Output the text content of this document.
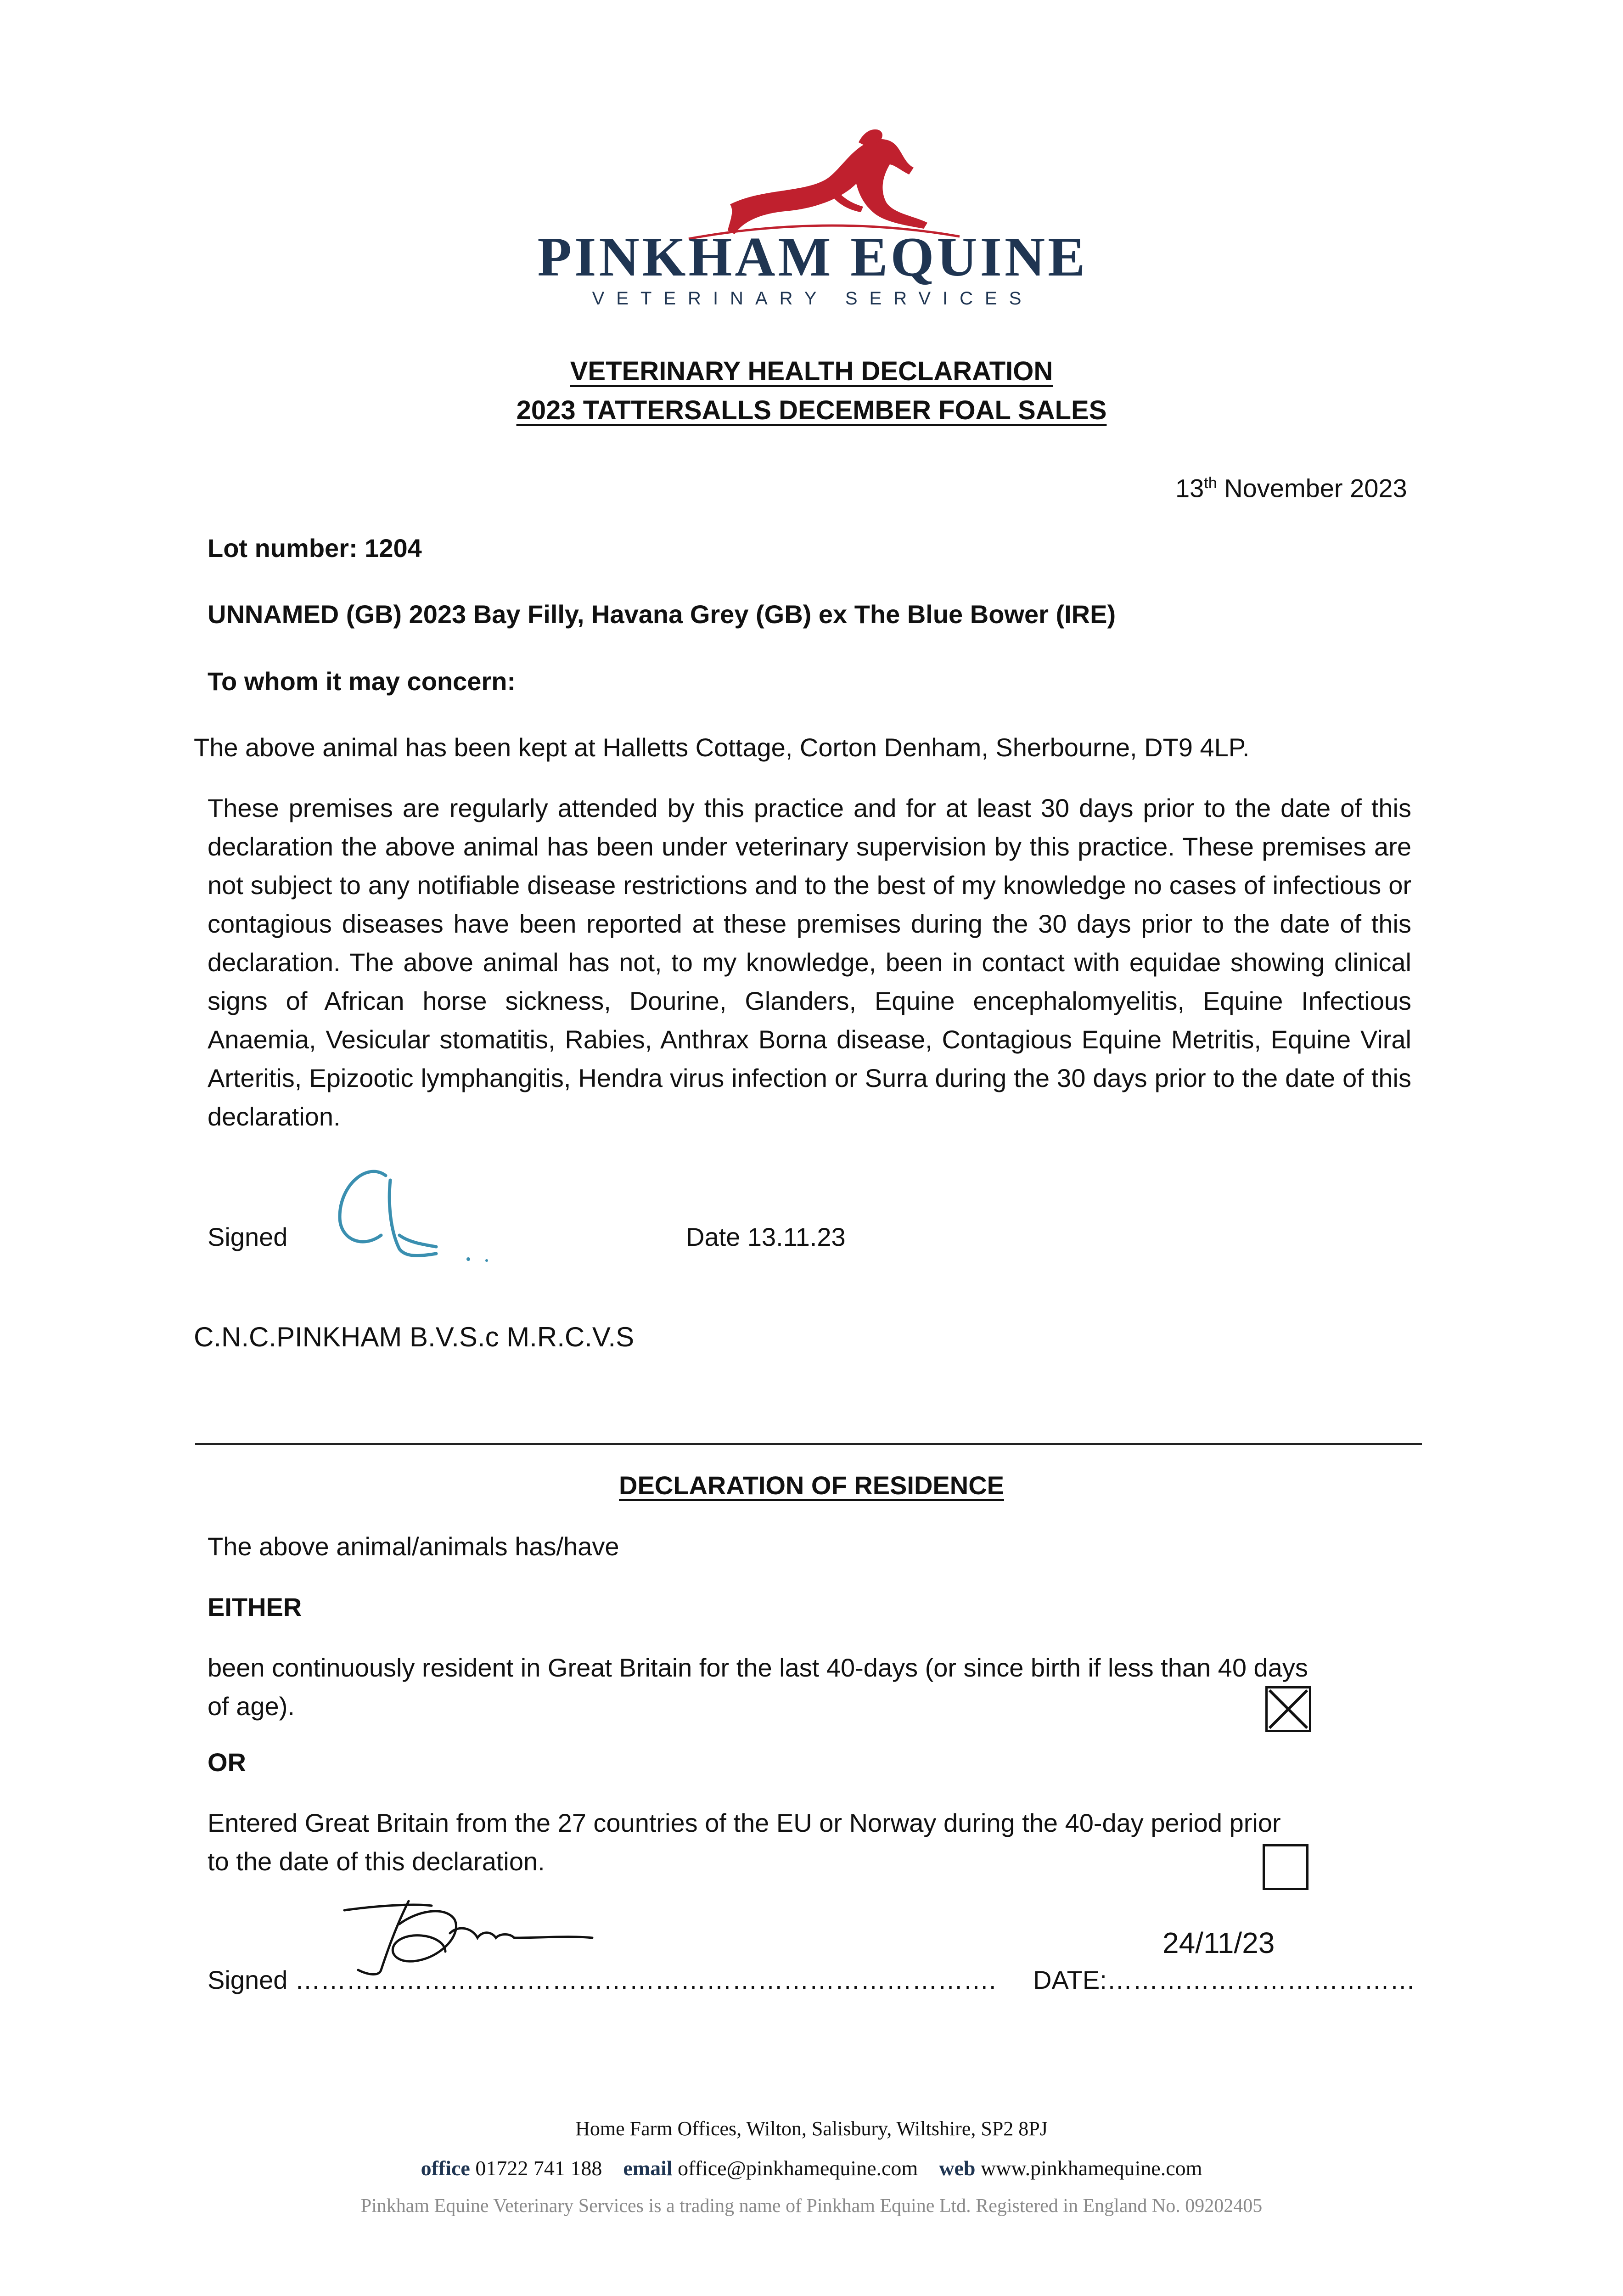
PINKHAM EQUINE
VETERINARY SERVICES
VETERINARY HEALTH DECLARATION
2023 TATTERSALLS DECEMBER FOAL SALES
13th November 2023
Lot number: 1204
UNNAMED (GB) 2023 Bay Filly, Havana Grey (GB) ex The Blue Bower (IRE)
To whom it may concern:
The above animal has been kept at Halletts Cottage, Corton Denham, Sherbourne, DT9 4LP.
These premises are regularly attended by this practice and for at least 30 days prior to the date of this declaration the above animal has been under veterinary supervision by this practice. These premises are not subject to any notifiable disease restrictions and to the best of my knowledge no cases of infectious or contagious diseases have been reported at these premises during the 30 days prior to the date of this declaration. The above animal has not, to my knowledge, been in contact with equidae showing clinical signs of African horse sickness, Dourine, Glanders, Equine encephalomyelitis, Equine Infectious Anaemia, Vesicular stomatitis, Rabies, Anthrax Borna disease, Contagious Equine Metritis, Equine Viral Arteritis, Epizootic lymphangitis, Hendra virus infection or Surra during the 30 days prior to the date of this declaration.
Signed	Date 13.11.23
C.N.C.PINKHAM B.V.S.c M.R.C.V.S
DECLARATION OF RESIDENCE
The above animal/animals has/have
EITHER
been continuously resident in Great Britain for the last 40-days (or since birth if less than 40 days
of age).
OR
Entered Great Britain from the 27 countries of the EU or Norway during the 40-day period prior
to the date of this declaration.
Signed ……………………………………………………………………….
24/11/23
DATE:………………………………
Home Farm Offices, Wilton, Salisbury, Wiltshire, SP2 8PJ
office 01722 741 188 email office@pinkhamequine.com web www.pinkhamequine.com
Pinkham Equine Veterinary Services is a trading name of Pinkham Equine Ltd. Registered in England No. 09202405
